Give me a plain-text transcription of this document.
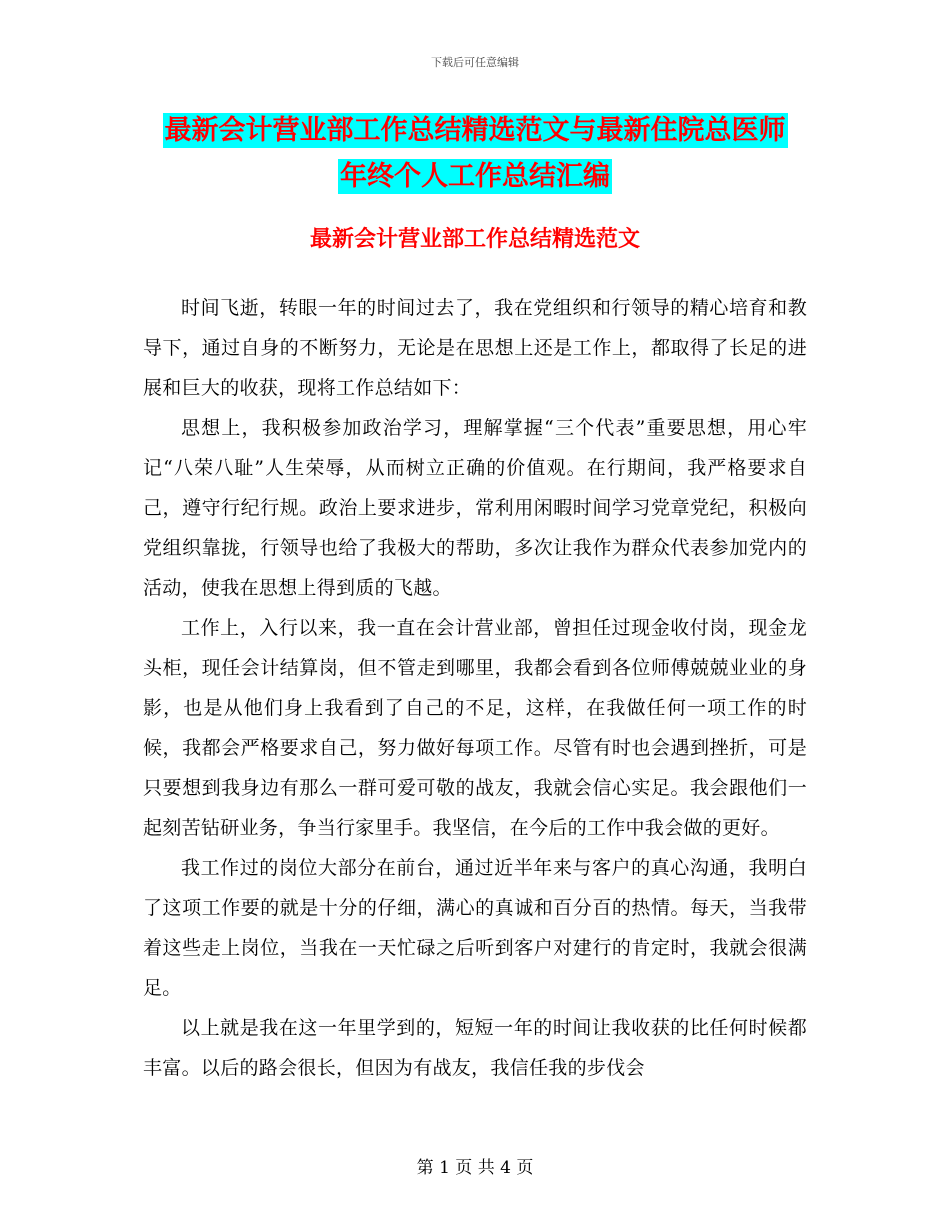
下载后可任意编辑
最新会计营业部工作总结精选范文与最新住院总医师
年终个人工作总结汇编
最新会计营业部工作总结精选范文

时间飞逝，转眼一年的时间过去了，我在党组织和行领导的精心培育和教导下，通过自身的不断努力，无论是在思想上还是工作上，都取得了长足的进展和巨大的收获，现将工作总结如下：

思想上，我积极参加政治学习，理解掌握“三个代表”重要思想，用心牢记“八荣八耻”人生荣辱，从而树立正确的价值观。在行期间，我严格要求自己，遵守行纪行规。政治上要求进步，常利用闲暇时间学习党章党纪，积极向党组织靠拢，行领导也给了我极大的帮助，多次让我作为群众代表参加党内的活动，使我在思想上得到质的飞越。

工作上，入行以来，我一直在会计营业部，曾担任过现金收付岗，现金龙头柜，现任会计结算岗，但不管走到哪里，我都会看到各位师傅兢兢业业的身影，也是从他们身上我看到了自己的不足，这样，在我做任何一项工作的时候，我都会严格要求自己，努力做好每项工作。尽管有时也会遇到挫折，可是只要想到我身边有那么一群可爱可敬的战友，我就会信心实足。我会跟他们一起刻苦钻研业务，争当行家里手。我坚信，在今后的工作中我会做的更好。

我工作过的岗位大部分在前台，通过近半年来与客户的真心沟通，我明白了这项工作要的就是十分的仔细，满心的真诚和百分百的热情。每天，当我带着这些走上岗位，当我在一天忙碌之后听到客户对建行的肯定时，我就会很满足。

以上就是我在这一年里学到的，短短一年的时间让我收获的比任何时候都丰富。以后的路会很长，但因为有战友，我信任我的步伐会

第 1 页 共 4 页
